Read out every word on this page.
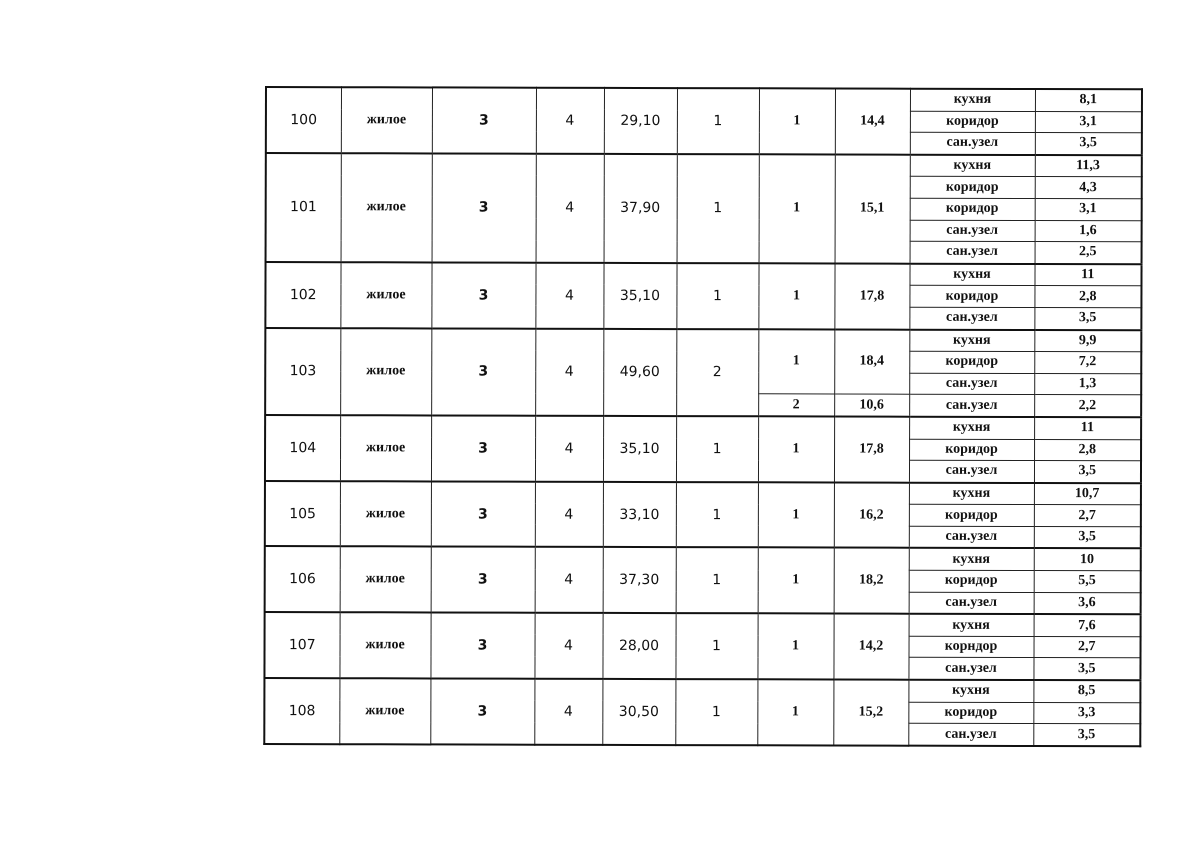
100	жилое	3	4	29,10	1	1	14,4	кухня	8,1
								коридор	3,1
								сан.узел	3,5
101	жилое	3	4	37,90	1	1	15,1	кухня	11,3
								коридор	4,3
								коридор	3,1
								сан.узел	1,6
								сан.узел	2,5
102	жилое	3	4	35,10	1	1	17,8	кухня	11
								коридор	2,8
								сан.узел	3,5
103	жилое	3	4	49,60	2	1	18,4	кухня	9,9
								коридор	7,2
								сан.узел	1,3
						2	10,6	сан.узел	2,2
104	жилое	3	4	35,10	1	1	17,8	кухня	11
								коридор	2,8
								сан.узел	3,5
105	жилое	3	4	33,10	1	1	16,2	кухня	10,7
								коридор	2,7
								сан.узел	3,5
106	жилое	3	4	37,30	1	1	18,2	кухня	10
								коридор	5,5
								сан.узел	3,6
107	жилое	3	4	28,00	1	1	14,2	кухня	7,6
								корндор	2,7
								сан.узел	3,5
108	жилое	3	4	30,50	1	1	15,2	кухня	8,5
								коридор	3,3
								сан.узел	3,5
